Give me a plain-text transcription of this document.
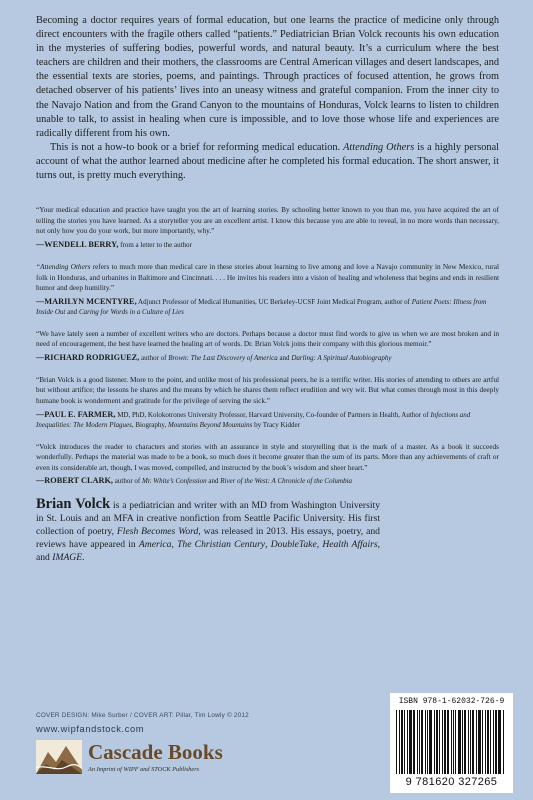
Becoming a doctor requires years of formal education, but one learns the practice of medicine only through direct encounters with the fragile others called “patients.” Pediatrician Brian Volck recounts his own education in the mysteries of suffering bodies, powerful words, and natural beauty. It’s a curriculum where the best teachers are children and their mothers, the classrooms are Central American villages and desert landscapes, and the essential texts are stories, poems, and paintings. Through practices of focused attention, he grows from detached observer of his patients’ lives into an uneasy witness and grateful companion. From the inner city to the Navajo Nation and from the Grand Canyon to the mountains of Honduras, Volck learns to listen to children unable to talk, to assist in healing when cure is impossible, and to love those whose life and experiences are radically different from his own.

This is not a how-to book or a brief for reforming medical education. Attending Others is a highly personal account of what the author learned about medicine after he completed his formal education. The short answer, it turns out, is pretty much everything.

“Your medical education and practice have taught you the art of learning stories. By schooling better known to you than me, you have acquired the art of telling the stories you have learned. As a storyteller you are an excellent artist. I know this because you are able to reveal, in no more words than necessary, not only how you do your work, but more importantly, why.”

—WENDELL BERRY, from a letter to the author

“Attending Others refers to much more than medical care in these stories about learning to live among and love a Navajo community in New Mexico, rural folk in Honduras, and urbanites in Baltimore and Cincinnati. . . . He invites his readers into a vision of healing and wholeness that begins and ends in resilient humor and deep humility.”

—MARILYN MCENTYRE, Adjunct Professor of Medical Humanities, UC Berkeley-UCSF Joint Medical Program, author of Patient Poets: Illness from Inside Out and Caring for Words in a Culture of Lies

“We have lately seen a number of excellent writers who are doctors. Perhaps because a doctor must find words to give us when we are most broken and in need of encouragement, the best have learned the healing art of words. Dr. Brian Volck joins their company with this glorious memoir.”

—RICHARD RODRIGUEZ, author of Brown: The Last Discovery of America and Darling: A Spiritual Autobiography

“Brian Volck is a good listener. More to the point, and unlike most of his professional peers, he is a terrific writer. His stories of attending to others are artful but without artifice; the lessons he shares and the means by which he shares them reflect erudition and wry wit. But what comes through most in this deeply humane book is wonderment and gratitude for the privilege of serving the sick.”

—PAUL E. FARMER, MD, PhD, Kolokotrones University Professor, Harvard University, Co-founder of Partners in Health, Author of Infections and Inequalities: The Modern Plagues, Biography, Mountains Beyond Mountains by Tracy Kidder

“Volck introduces the reader to characters and stories with an assurance in style and storytelling that is the mark of a master. As a book it succeeds wonderfully. Perhaps the material was made to be a book, so much does it become greater than the sum of its parts. More than any achievements of craft or even its considerable art, though, I was moved, compelled, and instructed by the book’s wisdom and sheer heart.”

—ROBERT CLARK, author of Mr. White’s Confession and River of the West: A Chronicle of the Columbia

Brian Volck is a pediatrician and writer with an MD from Washington University in St. Louis and an MFA in creative nonfiction from Seattle Pacific University. His first collection of poetry, Flesh Becomes Word, was released in 2013. His essays, poetry, and reviews have appeared in America, The Christian Century, DoubleTake, Health Affairs, and IMAGE.
COVER DESIGN: Mike Surber / COVER ART: Pillar, Tim Lowly © 2012
www.wipfandstock.com
Cascade Books
An Imprint of WIPF and STOCK Publishers
ISBN 978-1-62032-726-9
9 781620 327265
